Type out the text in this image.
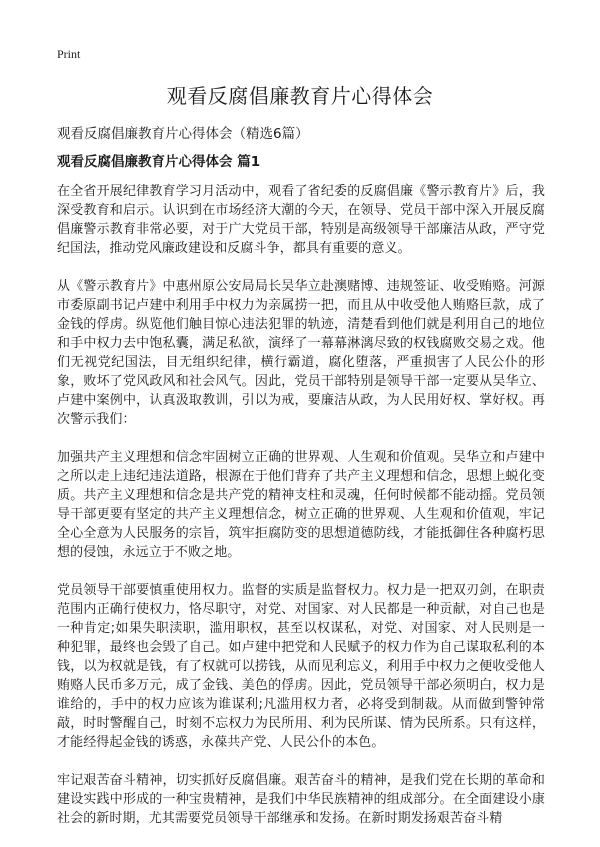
Print
观看反腐倡廉教育片心得体会
观看反腐倡廉教育片心得体会（精选6篇）
观看反腐倡廉教育片心得体会 篇1

在全省开展纪律教育学习月活动中，观看了省纪委的反腐倡廉《警示教育片》后，我深受教育和启示。认识到在市场经济大潮的今天，在领导、党员干部中深入开展反腐倡廉警示教育非常必要，对于广大党员干部，特别是高级领导干部廉洁从政，严守党纪国法，推动党风廉政建设和反腐斗争，都具有重要的意义。

从《警示教育片》中惠州原公安局局长吴华立赴澳赌博、违规签证、收受贿赂。河源市委原副书记卢建中利用手中权力为亲属捞一把，而且从中收受他人贿赂巨款，成了金钱的俘虏。纵览他们触目惊心违法犯罪的轨迹，清楚看到他们就是利用自己的地位和手中权力去中饱私囊，满足私欲，演绎了一幕幕淋漓尽致的权钱腐败交易之戏。他们无视党纪国法，目无组织纪律，横行霸道，腐化堕落，严重损害了人民公仆的形象，败坏了党风政风和社会风气。因此，党员干部特别是领导干部一定要从吴华立、卢建中案例中，认真汲取教训，引以为戒，要廉洁从政，为人民用好权、掌好权。再次警示我们：

加强共产主义理想和信念牢固树立正确的世界观、人生观和价值观。吴华立和卢建中之所以走上违纪违法道路，根源在于他们背弃了共产主义理想和信念，思想上蜕化变质。共产主义理想和信念是共产党的精神支柱和灵魂，任何时候都不能动摇。党员领导干部更要有坚定的共产主义理想信念，树立正确的世界观、人生观和价值观，牢记全心全意为人民服务的宗旨，筑牢拒腐防变的思想道德防线，才能抵御住各种腐朽思想的侵蚀，永远立于不败之地。

党员领导干部要慎重使用权力。监督的实质是监督权力。权力是一把双刃剑，在职责范围内正确行使权力，恪尽职守，对党、对国家、对人民都是一种贡献，对自己也是一种肯定;如果失职渎职，滥用职权，甚至以权谋私，对党、对国家、对人民则是一种犯罪，最终也会毁了自己。如卢建中把党和人民赋予的权力作为自己谋取私利的本钱，以为权就是钱，有了权就可以捞钱，从而见利忘义，利用手中权力之便收受他人贿赂人民币多万元，成了金钱、美色的俘虏。因此，党员领导干部必须明白，权力是谁给的，手中的权力应该为谁谋利;凡滥用权力者，必将受到制裁。从而做到警钟常敲，时时警醒自己，时刻不忘权力为民所用、利为民所谋、情为民所系。只有这样，才能经得起金钱的诱惑，永葆共产党、人民公仆的本色。

牢记艰苦奋斗精神，切实抓好反腐倡廉。艰苦奋斗的精神，是我们党在长期的革命和建设实践中形成的一种宝贵精神，是我们中华民族精神的组成部分。在全面建设小康社会的新时期，尤其需要党员领导干部继承和发扬。在新时期发扬艰苦奋斗精
